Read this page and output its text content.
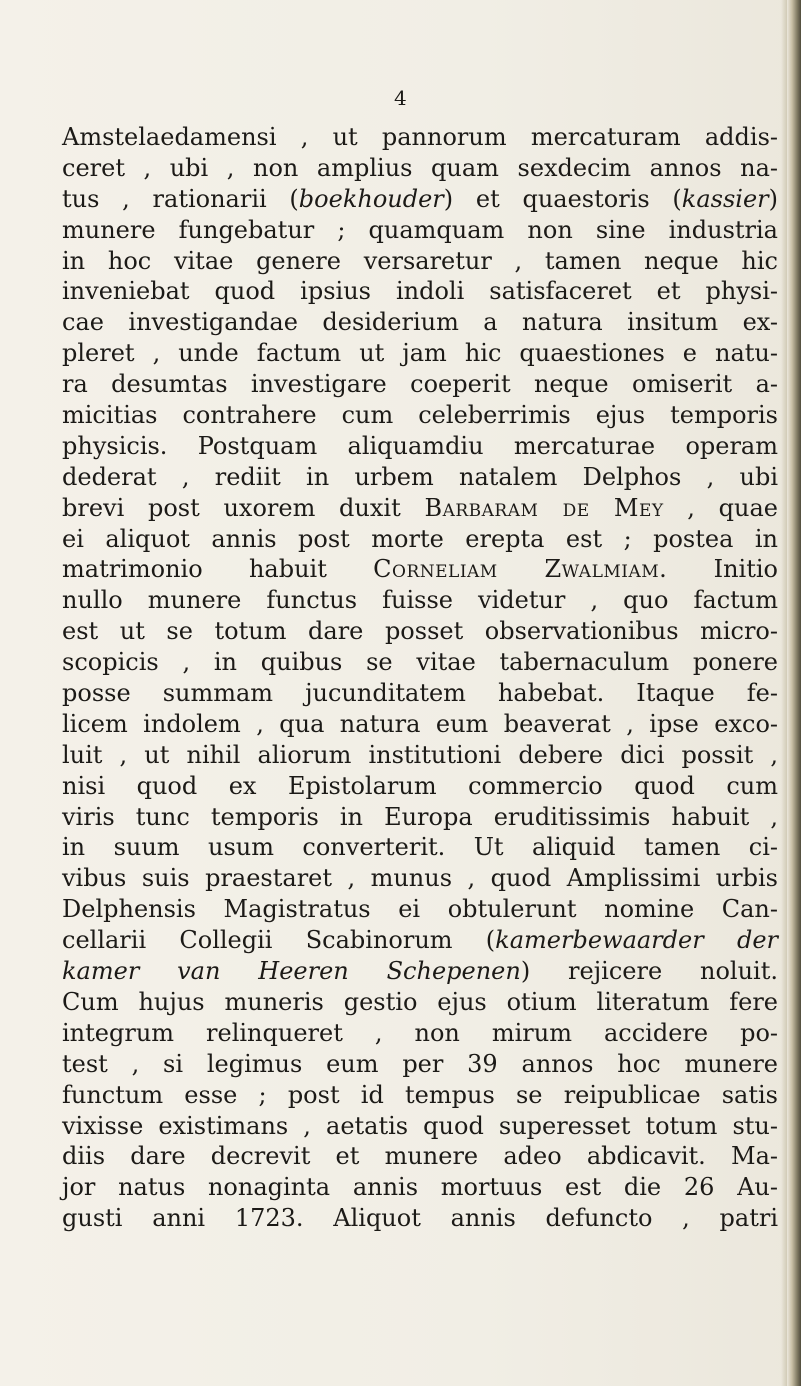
4
Amstelaedamensi , ut pannorum mercaturam addis-
ceret , ubi , non amplius quam sexdecim annos na-
tus , rationarii (boekhouder) et quaestoris (kassier)
munere fungebatur ; quamquam non sine industria
in hoc vitae genere versaretur , tamen neque hic
inveniebat quod ipsius indoli satisfaceret et physi-
cae investigandae desiderium a natura insitum ex-
pleret , unde factum ut jam hic quaestiones e natu-
ra desumtas investigare coeperit neque omiserit a-
micitias contrahere cum celeberrimis ejus temporis
physicis. Postquam aliquamdiu mercaturae operam
dederat , rediit in urbem natalem Delphos , ubi
brevi post uxorem duxit Barbaram de Mey , quae
ei aliquot annis post morte erepta est ; postea in
matrimonio habuit Corneliam Zwalmiam. Initio
nullo munere functus fuisse videtur , quo factum
est ut se totum dare posset observationibus micro-
scopicis , in quibus se vitae tabernaculum ponere
posse summam jucunditatem habebat. Itaque fe-
licem indolem , qua natura eum beaverat , ipse exco-
luit , ut nihil aliorum institutioni debere dici possit ,
nisi quod ex Epistolarum commercio quod cum
viris tunc temporis in Europa eruditissimis habuit ,
in suum usum converterit. Ut aliquid tamen ci-
vibus suis praestaret , munus , quod Amplissimi urbis
Delphensis Magistratus ei obtulerunt nomine Can-
cellarii Collegii Scabinorum (kamerbewaarder der
kamer van Heeren Schepenen) rejicere noluit.
Cum hujus muneris gestio ejus otium literatum fere
integrum relinqueret , non mirum accidere po-
test , si legimus eum per 39 annos hoc munere
functum esse ; post id tempus se reipublicae satis
vixisse existimans , aetatis quod superesset totum stu-
diis dare decrevit et munere adeo abdicavit. Ma-
jor natus nonaginta annis mortuus est die 26 Au-
gusti anni 1723. Aliquot annis defuncto , patri
